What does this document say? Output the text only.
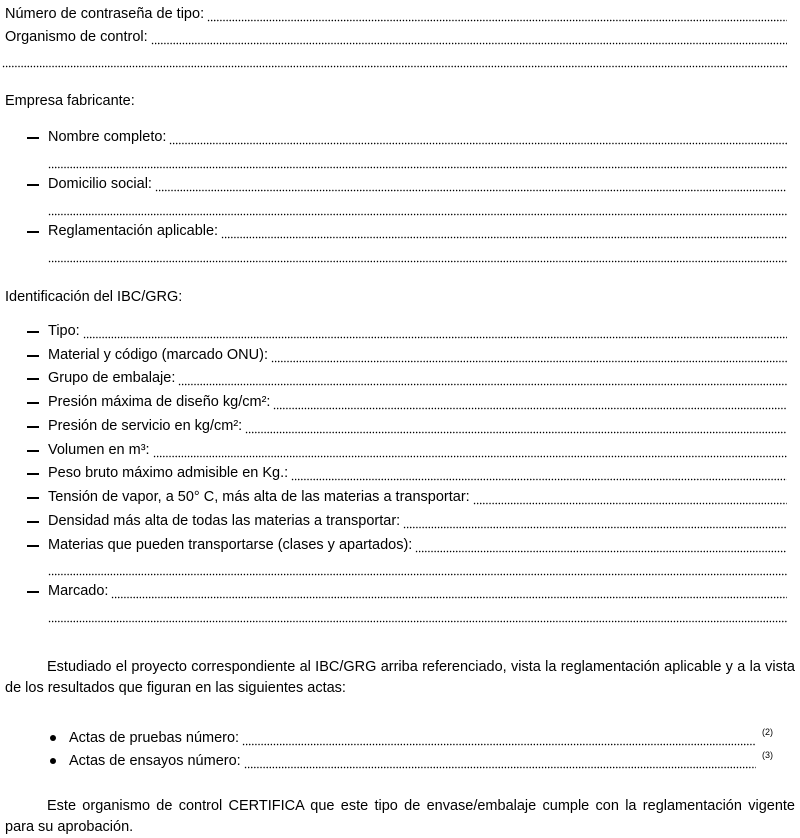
Número de contraseña de tipo:
Organismo de control:
Empresa fabricante:
Nombre completo:
Domicilio social:
Reglamentación aplicable:
Identificación del IBC/GRG:
Tipo:
Material y código (marcado ONU):
Grupo de embalaje:
Presión máxima de diseño kg/cm²:
Presión de servicio en kg/cm²:
Volumen en m³:
Peso bruto máximo admisible en Kg.:
Tensión de vapor, a 50° C, más alta de las materias a transportar:
Densidad más alta de todas las materias a transportar:
Materias que pueden transportarse (clases y apartados):
Marcado:
Estudiado el proyecto correspondiente al IBC/GRG arriba referenciado, vista la reglamentación aplicable y a la vista de los resultados que figuran en las siguientes actas:
Actas de pruebas número:	(2)
Actas de ensayos número:	(3)
Este organismo de control CERTIFICA que este tipo de envase/embalaje cumple con la reglamentación vigente para su aprobación.
